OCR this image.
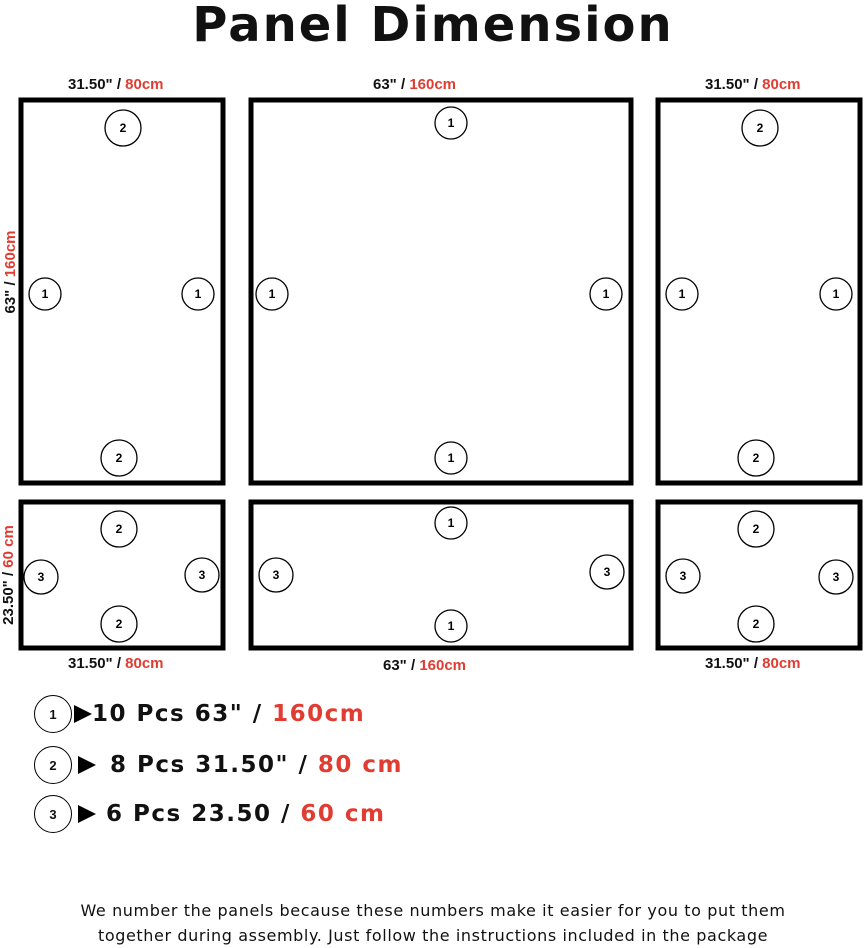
Panel Dimension
31.50" / 80cm	63" / 160cm	31.50" / 80cm
63" / 160cm
23.50" / 60 cm
31.50" / 80cm	63" / 160cm	31.50" / 80cm
2
1	1
2
1
1	1
1
2
1	1
2
2
3	3
2
1
3	3
1
2
3	3
2
1	10 Pcs 63" / 160cm
2	8 Pcs 31.50" / 80 cm
3	6 Pcs 23.50 / 60 cm
We number the panels because these numbers make it easier for you to put them
together during assembly. Just follow the instructions included in the package
